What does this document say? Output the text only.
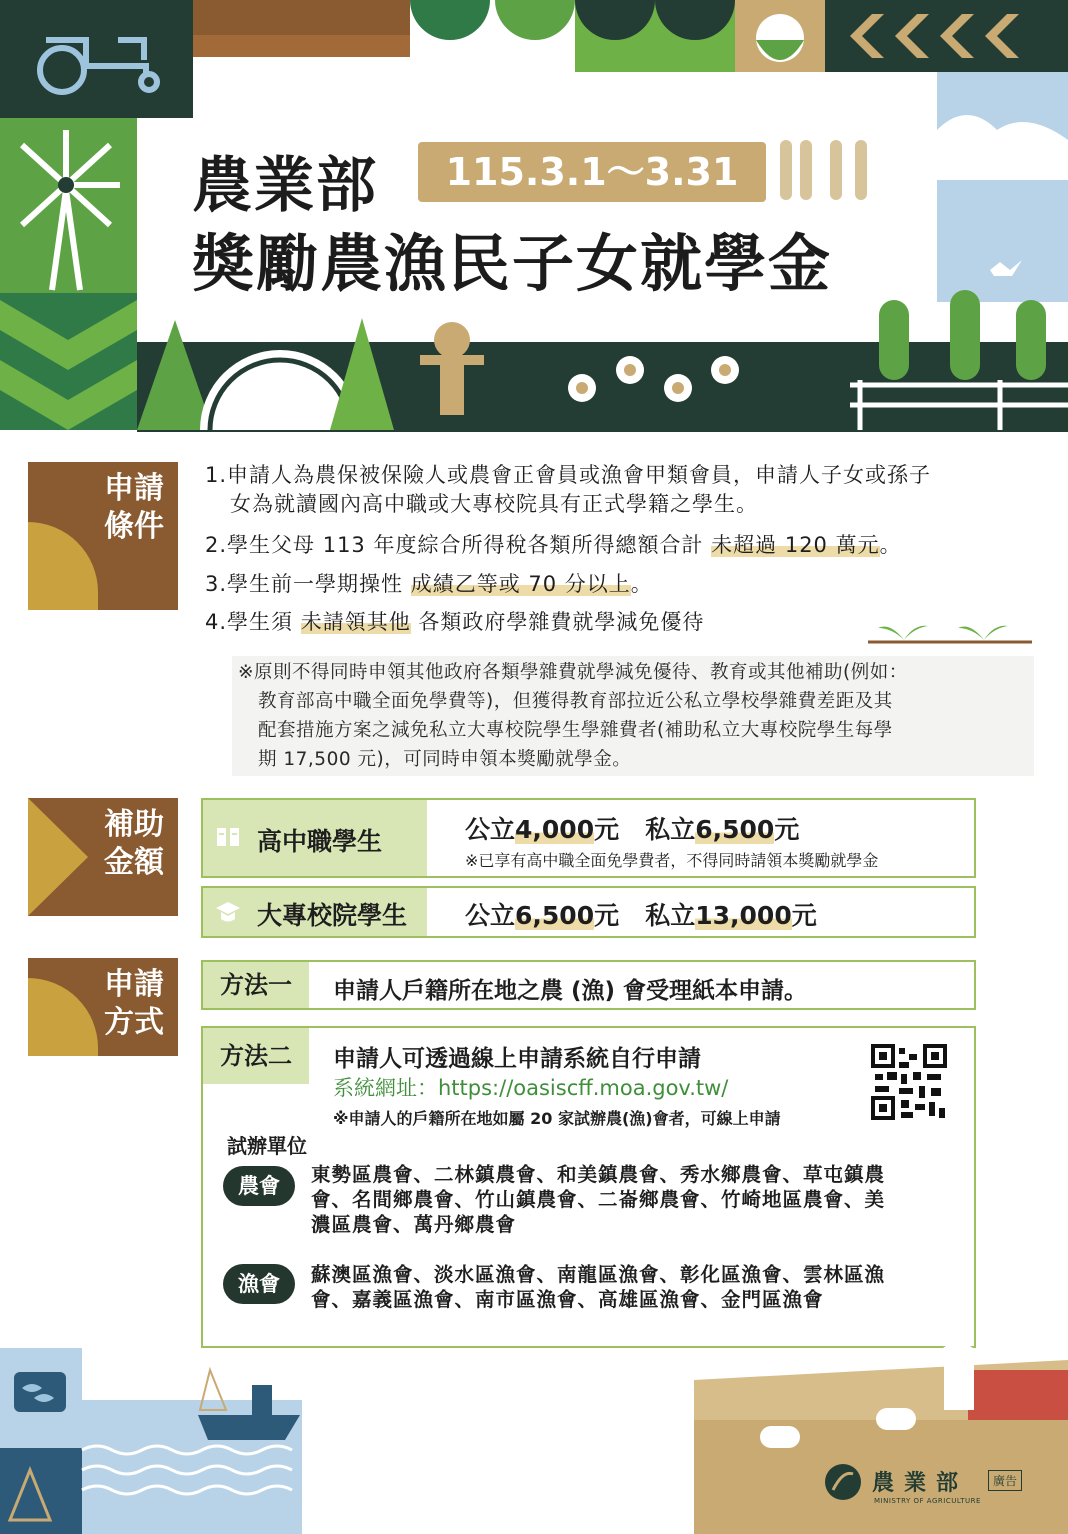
115.3.1～3.31
農業部
獎勵農漁民子女就學金
申請
條件
1.申請人為農保被保險人或農會正會員或漁會甲類會員，申請人子女或孫子
女為就讀國內高中職或大專校院具有正式學籍之學生。
2.學生父母 113 年度綜合所得稅各類所得總額合計 未超過 120 萬元。
3.學生前一學期操性 成績乙等或 70 分以上。
4.學生須 未請領其他 各類政府學雜費就學減免優待
※原則不得同時申領其他政府各類學雜費就學減免優待、教育或其他補助(例如：
教育部高中職全面免學費等)，但獲得教育部拉近公私立學校學雜費差距及其
配套措施方案之減免私立大專校院學生學雜費者(補助私立大專校院學生每學
期 17,500 元)，可同時申領本獎勵就學金。
補助
金額
高中職學生	公立4,000元 私立6,500元
※已享有高中職全面免學費者，不得同時請領本獎勵就學金
大專校院學生 公立6,500元 私立13,000元
申請
方式
方法一	申請人戶籍所在地之農 (漁) 會受理紙本申請。
方法二	申請人可透過線上申請系統自行申請
系統網址：https://oasiscff.moa.gov.tw/
※申請人的戶籍所在地如屬 20 家試辦農(漁)會者，可線上申請
試辦單位
農會	東勢區農會、二林鎮農會、和美鎮農會、秀水鄉農會、草屯鎮農
會、名間鄉農會、竹山鎮農會、二崙鄉農會、竹崎地區農會、美
濃區農會、萬丹鄉農會
漁會	蘇澳區漁會、淡水區漁會、南龍區漁會、彰化區漁會、雲林區漁
會、嘉義區漁會、南市區漁會、高雄區漁會、金門區漁會
農業部
MINISTRY OF AGRICULTURE
廣告
